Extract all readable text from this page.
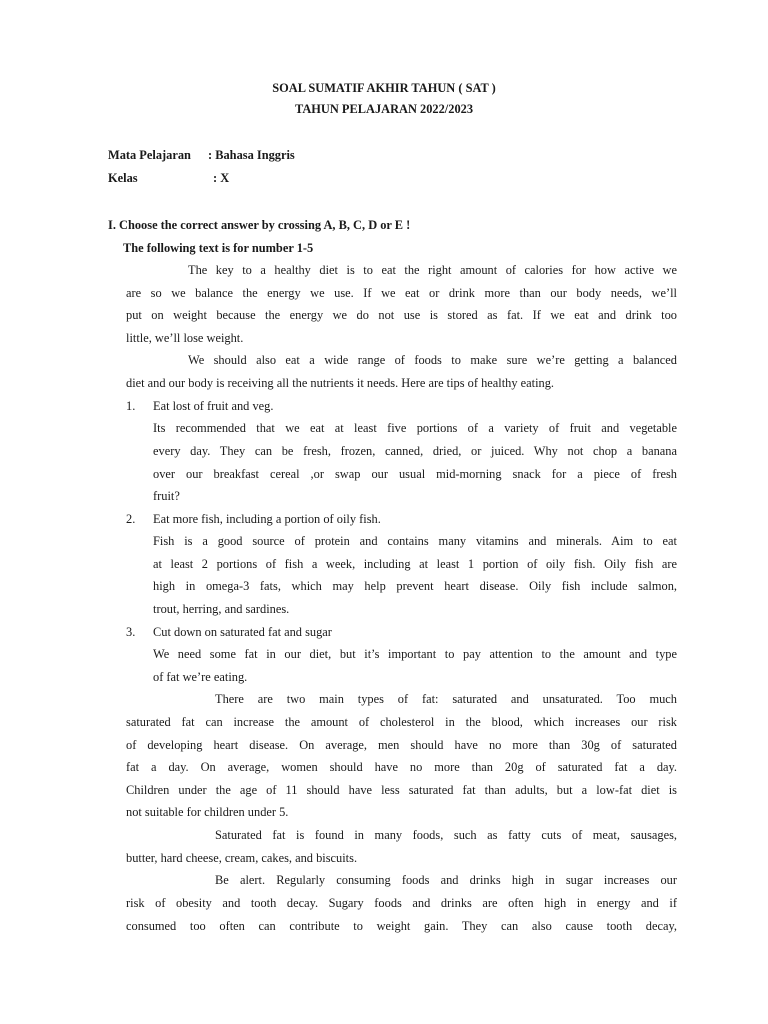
SOAL SUMATIF AKHIR TAHUN ( SAT )
TAHUN PELAJARAN 2022/2023
Mata Pelajaran : Bahasa Inggris
Kelas	: X
I. Choose the correct answer by crossing A, B, C, D or E !
The following text is for number 1-5
The key to a healthy diet is to eat the right amount of calories for how active we
are so we balance the energy we use. If we eat or drink more than our body needs, we’ll
put on weight because the energy we do not use is stored as fat. If we eat and drink too
little, we’ll lose weight.
We should also eat a wide range of foods to make sure we’re getting a balanced
diet and our body is receiving all the nutrients it needs. Here are tips of healthy eating.
1. Eat lost of fruit and veg.
Its recommended that we eat at least five portions of a variety of fruit and vegetable
every day. They can be fresh, frozen, canned, dried, or juiced. Why not chop a banana
over our breakfast cereal ,or swap our usual mid-morning snack for a piece of fresh
fruit?
2. Eat more fish, including a portion of oily fish.
Fish is a good source of protein and contains many vitamins and minerals. Aim to eat
at least 2 portions of fish a week, including at least 1 portion of oily fish. Oily fish are
high in omega-3 fats, which may help prevent heart disease. Oily fish include salmon,
trout, herring, and sardines.
3. Cut down on saturated fat and sugar
We need some fat in our diet, but it’s important to pay attention to the amount and type
of fat we’re eating.
There are two main types of fat: saturated and unsaturated. Too much
saturated fat can increase the amount of cholesterol in the blood, which increases our risk
of developing heart disease. On average, men should have no more than 30g of saturated
fat a day. On average, women should have no more than 20g of saturated fat a day.
Children under the age of 11 should have less saturated fat than adults, but a low-fat diet is
not suitable for children under 5.
Saturated fat is found in many foods, such as fatty cuts of meat, sausages,
butter, hard cheese, cream, cakes, and biscuits.
Be alert. Regularly consuming foods and drinks high in sugar increases our
risk of obesity and tooth decay. Sugary foods and drinks are often high in energy and if
consumed too often can contribute to weight gain. They can also cause tooth decay,
